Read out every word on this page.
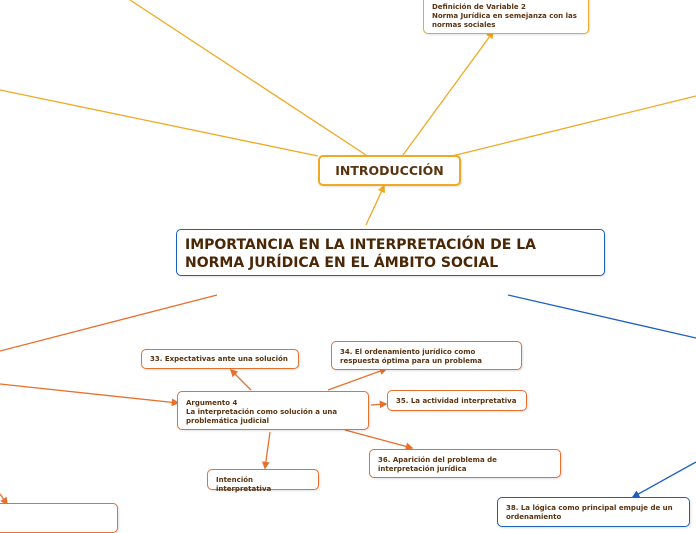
Definición de Variable 2
Norma Jurídica en semejanza con las normas sociales
INTRODUCCIÓN
IMPORTANCIA EN LA INTERPRETACIÓN DE LA NORMA JURÍDICA EN EL ÁMBITO SOCIAL
33. Expectativas ante una solución
34. El ordenamiento jurídico como respuesta óptima para un problema
Argumento 4
La interpretación como solución a una problemática judicial
35. La actividad interpretativa
36. Aparición del problema de interpretación jurídica
Intención interpretativa
38. La lógica como principal empuje de un ordenamiento
